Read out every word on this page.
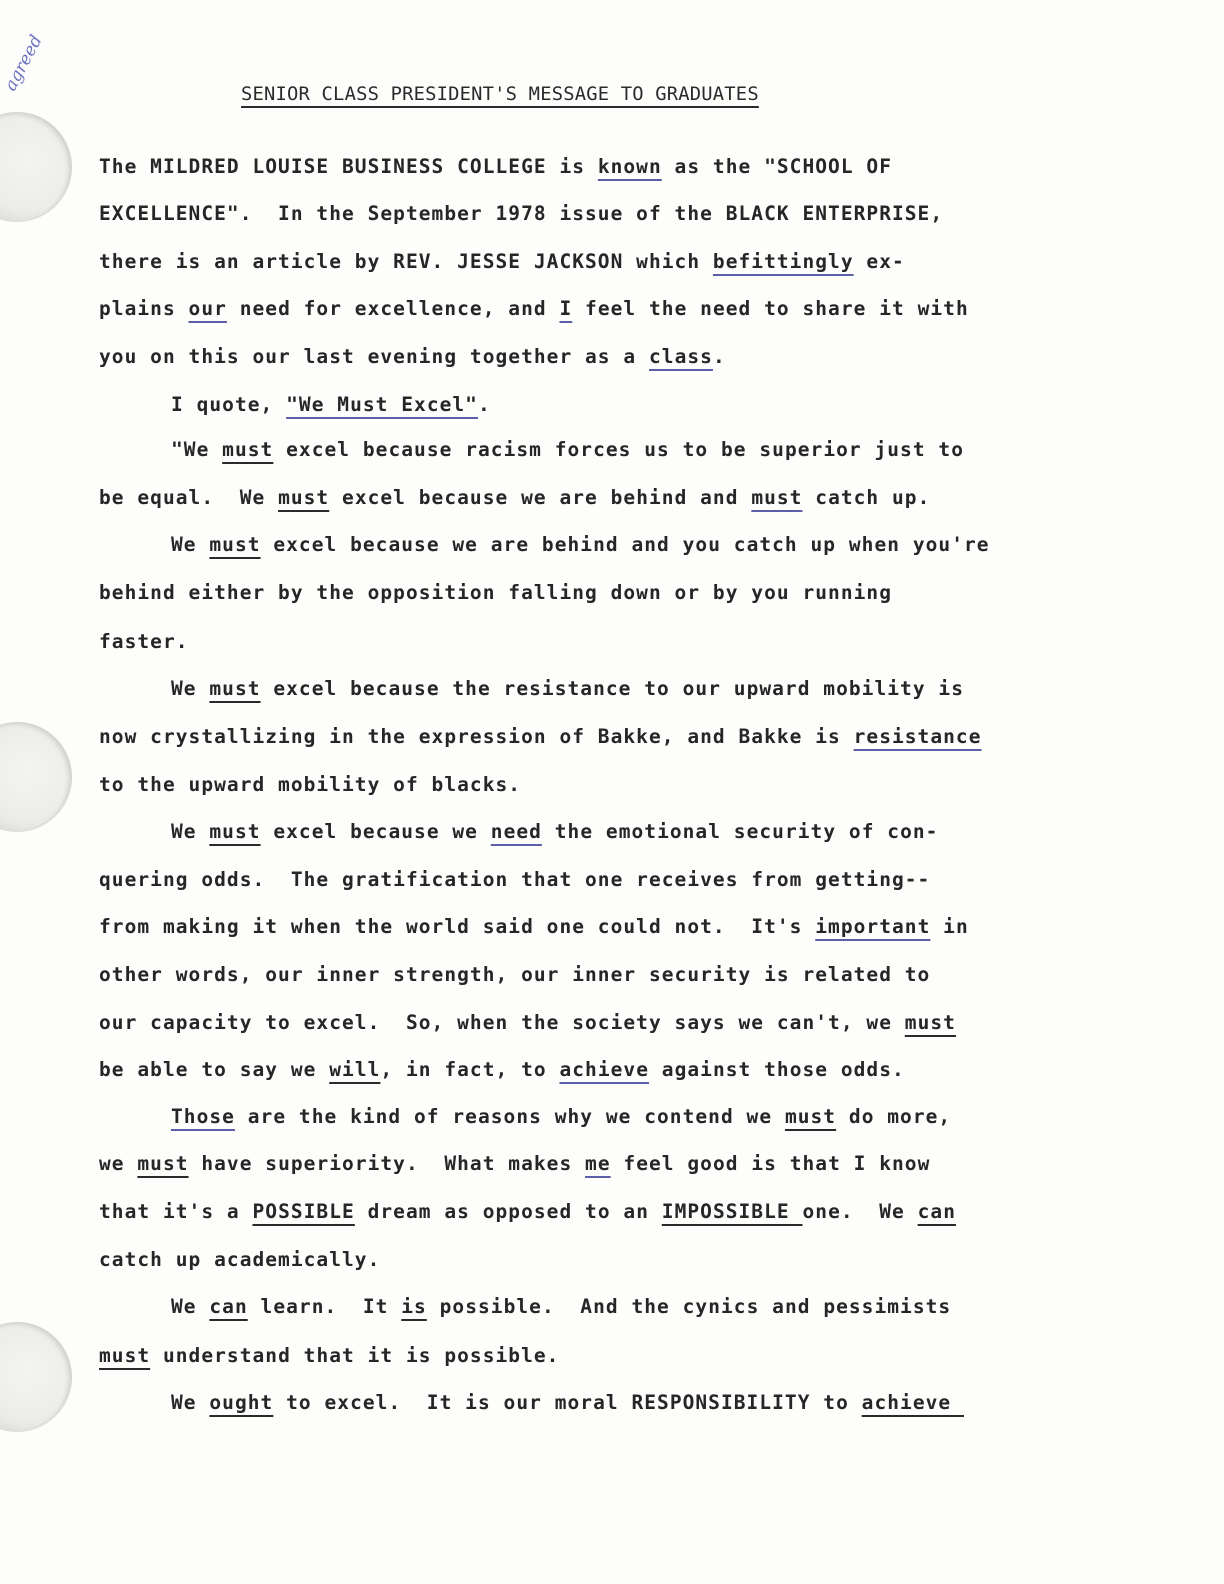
agreed
SENIOR CLASS PRESIDENT'S MESSAGE TO GRADUATES

The MILDRED LOUISE BUSINESS COLLEGE is known as the "SCHOOL OF

EXCELLENCE".  In the September 1978 issue of the BLACK ENTERPRISE,

there is an article by REV. JESSE JACKSON which befittingly ex-

plains our need for excellence, and I feel the need to share it with

you on this our last evening together as a class.

I quote, "We Must Excel".

"We must excel because racism forces us to be superior just to

be equal.  We must excel because we are behind and must catch up.

We must excel because we are behind and you catch up when you're

behind either by the opposition falling down or by you running

faster.

We must excel because the resistance to our upward mobility is

now crystallizing in the expression of Bakke, and Bakke is resistance

to the upward mobility of blacks.

We must excel because we need the emotional security of con-

quering odds.  The gratification that one receives from getting--

from making it when the world said one could not.  It's important in

other words, our inner strength, our inner security is related to

our capacity to excel.  So, when the society says we can't, we must

be able to say we will, in fact, to achieve against those odds.

Those are the kind of reasons why we contend we must do more,

we must have superiority.  What makes me feel good is that I know

that it's a POSSIBLE dream as opposed to an IMPOSSIBLE one.  We can

catch up academically.

We can learn.  It is possible.  And the cynics and pessimists

must understand that it is possible.

We ought to excel.  It is our moral RESPONSIBILITY to achieve
